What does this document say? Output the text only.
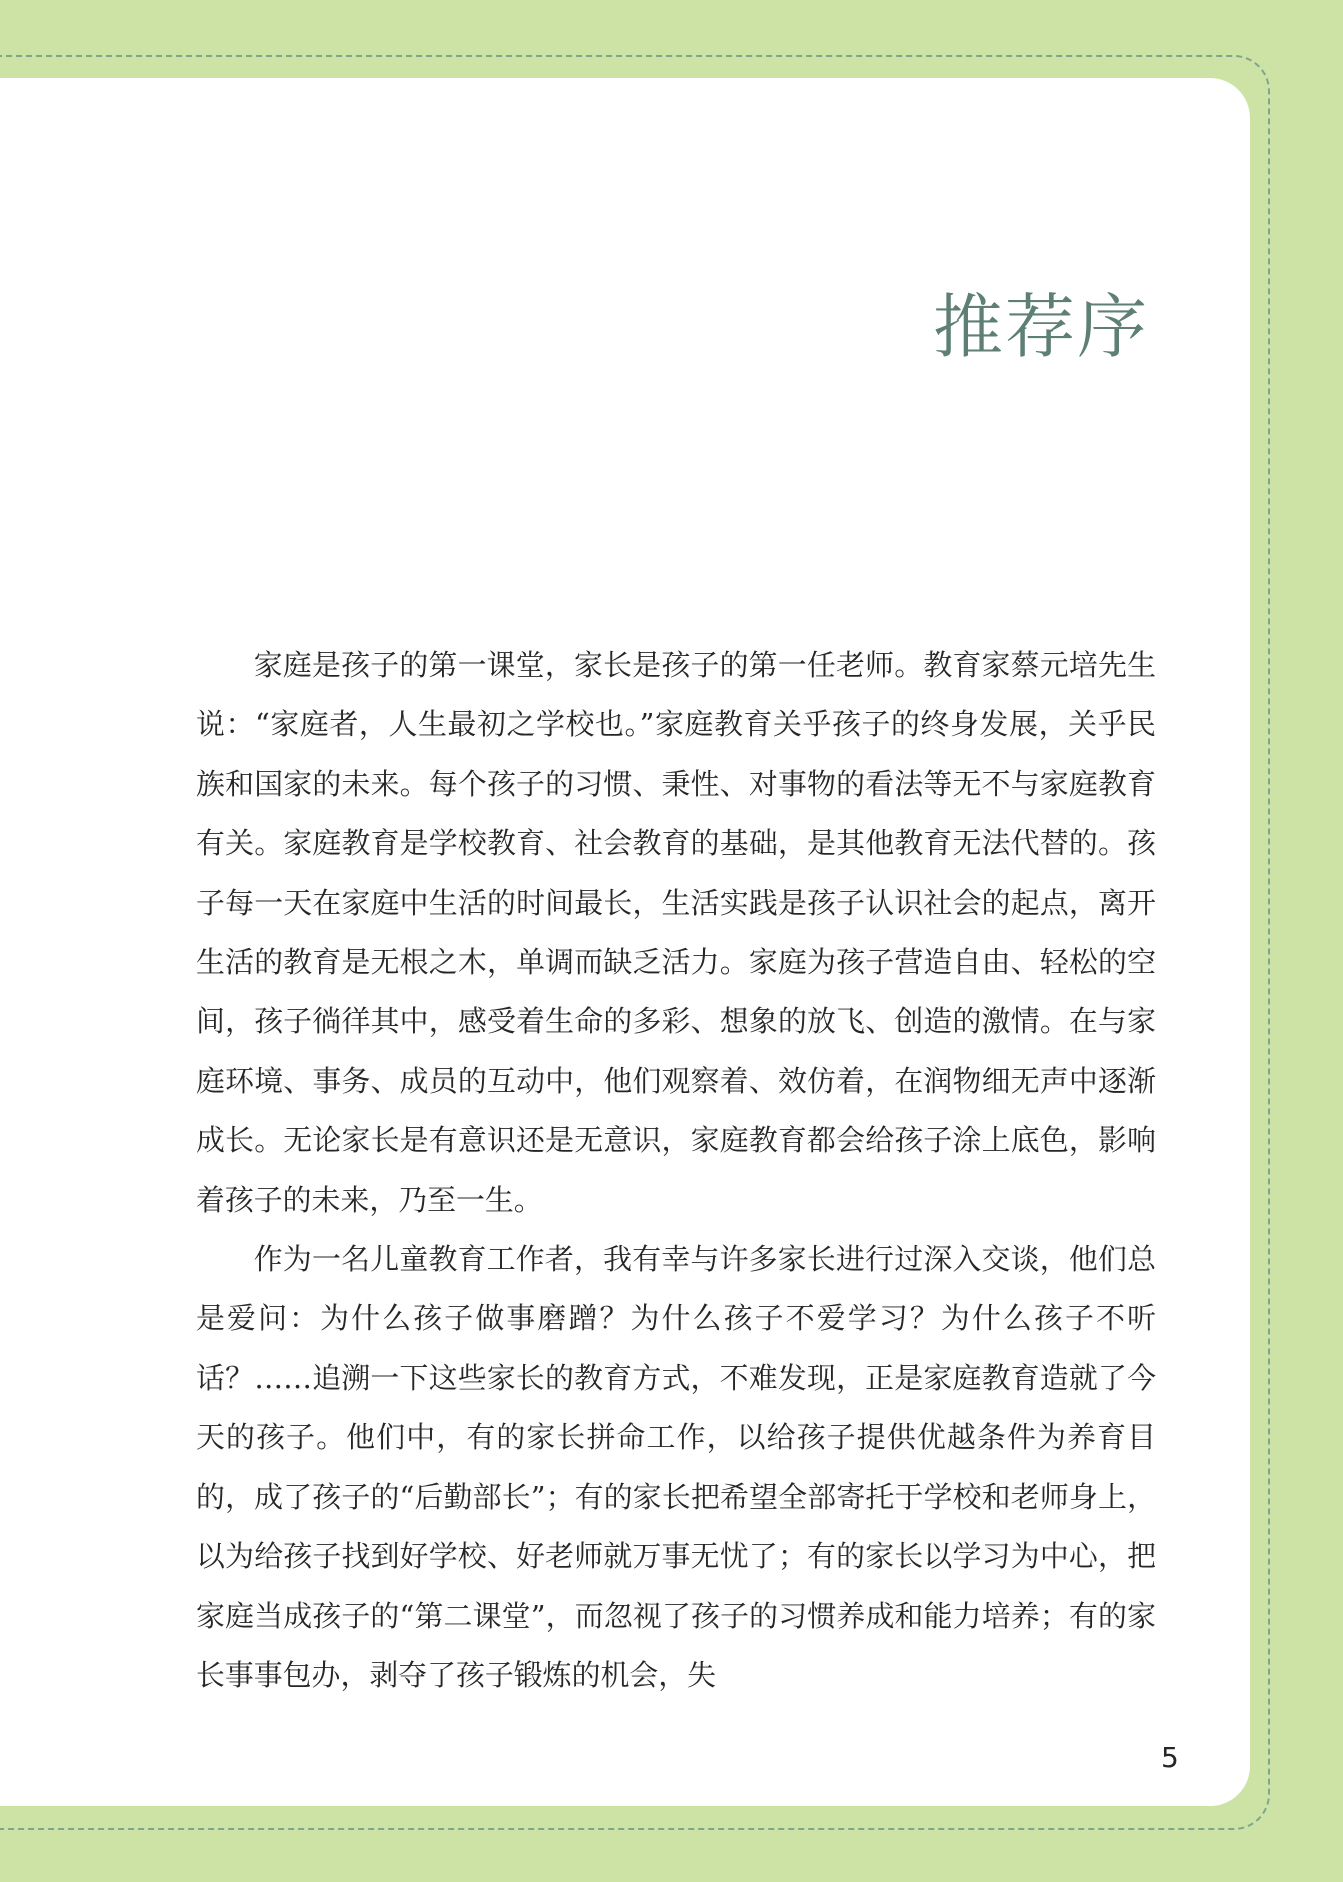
推荐序

家庭是孩子的第一课堂，家长是孩子的第一任老师。教育家蔡元培先生说：“家庭者，人生最初之学校也。”家庭教育关乎孩子的终身发展，关乎民族和国家的未来。每个孩子的习惯、秉性、对事物的看法等无不与家庭教育有关。家庭教育是学校教育、社会教育的基础，是其他教育无法代替的。孩子每一天在家庭中生活的时间最长，生活实践是孩子认识社会的起点，离开生活的教育是无根之木，单调而缺乏活力。家庭为孩子营造自由、轻松的空间，孩子徜徉其中，感受着生命的多彩、想象的放飞、创造的激情。在与家庭环境、事务、成员的互动中，他们观察着、效仿着，在润物细无声中逐渐成长。无论家长是有意识还是无意识，家庭教育都会给孩子涂上底色，影响着孩子的未来，乃至一生。

作为一名儿童教育工作者，我有幸与许多家长进行过深入交谈，他们总是爱问：为什么孩子做事磨蹭？为什么孩子不爱学习？为什么孩子不听话？……追溯一下这些家长的教育方式，不难发现，正是家庭教育造就了今天的孩子。他们中，有的家长拼命工作，以给孩子提供优越条件为养育目的，成了孩子的“后勤部长”；有的家长把希望全部寄托于学校和老师身上，以为给孩子找到好学校、好老师就万事无忧了；有的家长以学习为中心，把家庭当成孩子的“第二课堂”，而忽视了孩子的习惯养成和能力培养；有的家长事事包办，剥夺了孩子锻炼的机会，失

5
